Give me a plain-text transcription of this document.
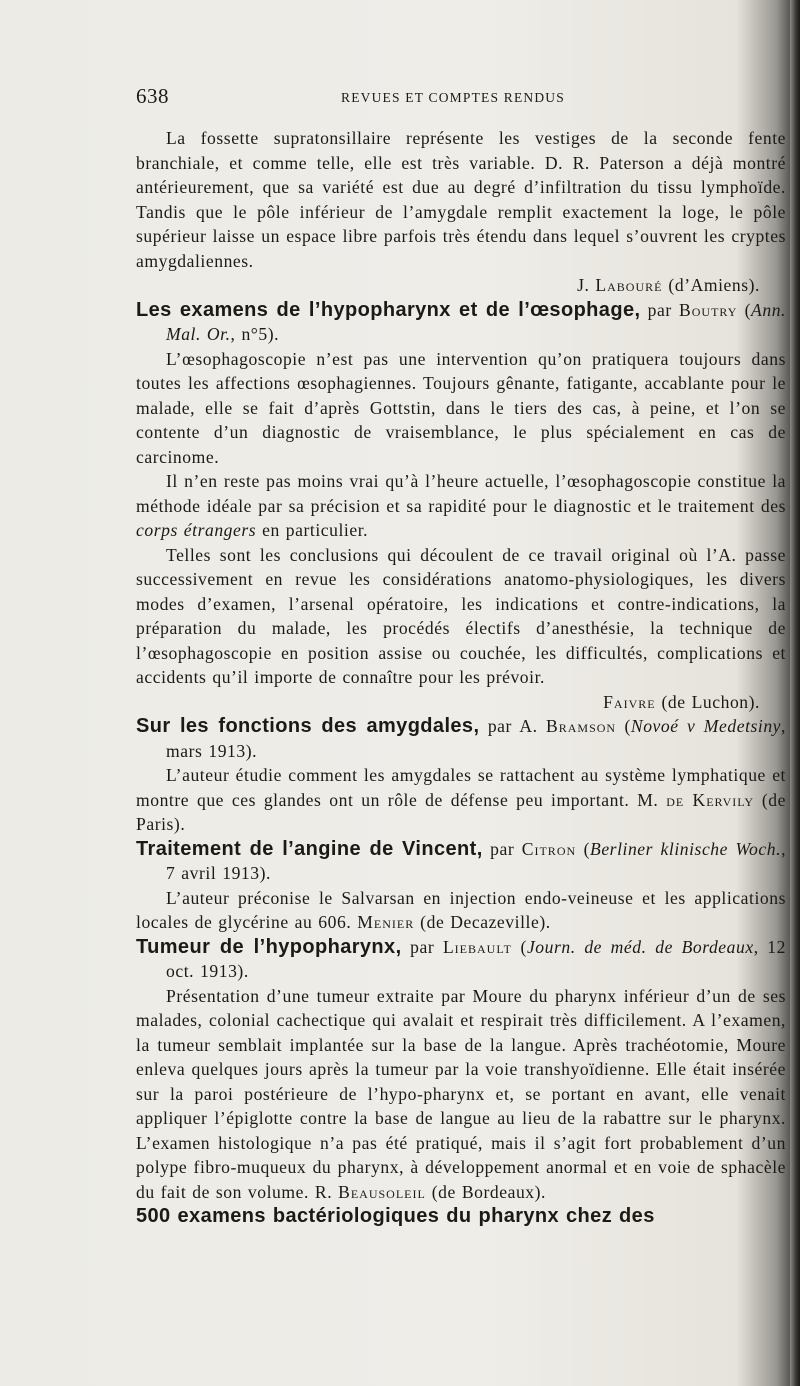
638	REVUES ET COMPTES RENDUS

La fossette supratonsillaire représente les vestiges de la seconde fente branchiale, et comme telle, elle est très variable. D. R. Paterson a déjà montré antérieurement, que sa variété est due au degré d’infiltration du tissu lymphoïde. Tandis que le pôle inférieur de l’amygdale remplit exactement la loge, le pôle supérieur laisse un espace libre parfois très étendu dans lequel s’ouvrent les cryptes amygdaliennes.

J. Labouré (d’Amiens).

Les examens de l’hypopharynx et de l’œsophage, par Boutry (Ann. Mal. Or., n°5).

L’œsophagoscopie n’est pas une intervention qu’on pratiquera toujours dans toutes les affections œsophagiennes. Toujours gênante, fatigante, accablante pour le malade, elle se fait d’après Gottstin, dans le tiers des cas, à peine, et l’on se contente d’un diagnostic de vraisemblance, le plus spécialement en cas de carcinome.

Il n’en reste pas moins vrai qu’à l’heure actuelle, l’œsophagoscopie constitue la méthode idéale par sa précision et sa rapidité pour le diagnostic et le traitement des corps étrangers en particulier.

Telles sont les conclusions qui découlent de ce travail original où l’A. passe successivement en revue les considérations anatomo-physiologiques, les divers modes d’examen, l’arsenal opératoire, les indications et contre-indications, la préparation du malade, les procédés électifs d’anesthésie, la technique de l’œsophagoscopie en position assise ou couchée, les difficultés, complications et accidents qu’il importe de connaître pour les prévoir.

Faivre (de Luchon).

Sur les fonctions des amygdales, par A. Bramson (Novoé v Medetsiny, mars 1913).

L’auteur étudie comment les amygdales se rattachent au système lymphatique et montre que ces glandes ont un rôle de défense peu important. M. de Kervily (de Paris).

Traitement de l’angine de Vincent, par Citron (Berliner klinische Woch., 7 avril 1913).

L’auteur préconise le Salvarsan en injection endo-veineuse et les applications locales de glycérine au 606. Menier (de Decazeville).

Tumeur de l’hypopharynx, par Liebault (Journ. de méd. de Bordeaux, 12 oct. 1913).

Présentation d’une tumeur extraite par Moure du pharynx inférieur d’un de ses malades, colonial cachectique qui avalait et respirait très difficilement. A l’examen, la tumeur semblait implantée sur la base de la langue. Après trachéotomie, Moure enleva quelques jours après la tumeur par la voie transhyoïdienne. Elle était insérée sur la paroi postérieure de l’hypo-pharynx et, se portant en avant, elle venait appliquer l’épiglotte contre la base de langue au lieu de la rabattre sur le pharynx. L’examen histologique n’a pas été pratiqué, mais il s’agit fort probablement d’un polype fibro-muqueux du pharynx, à développement anormal et en voie de sphacèle du fait de son volume. R. Beausoleil (de Bordeaux).

500 examens bactériologiques du pharynx chez des
